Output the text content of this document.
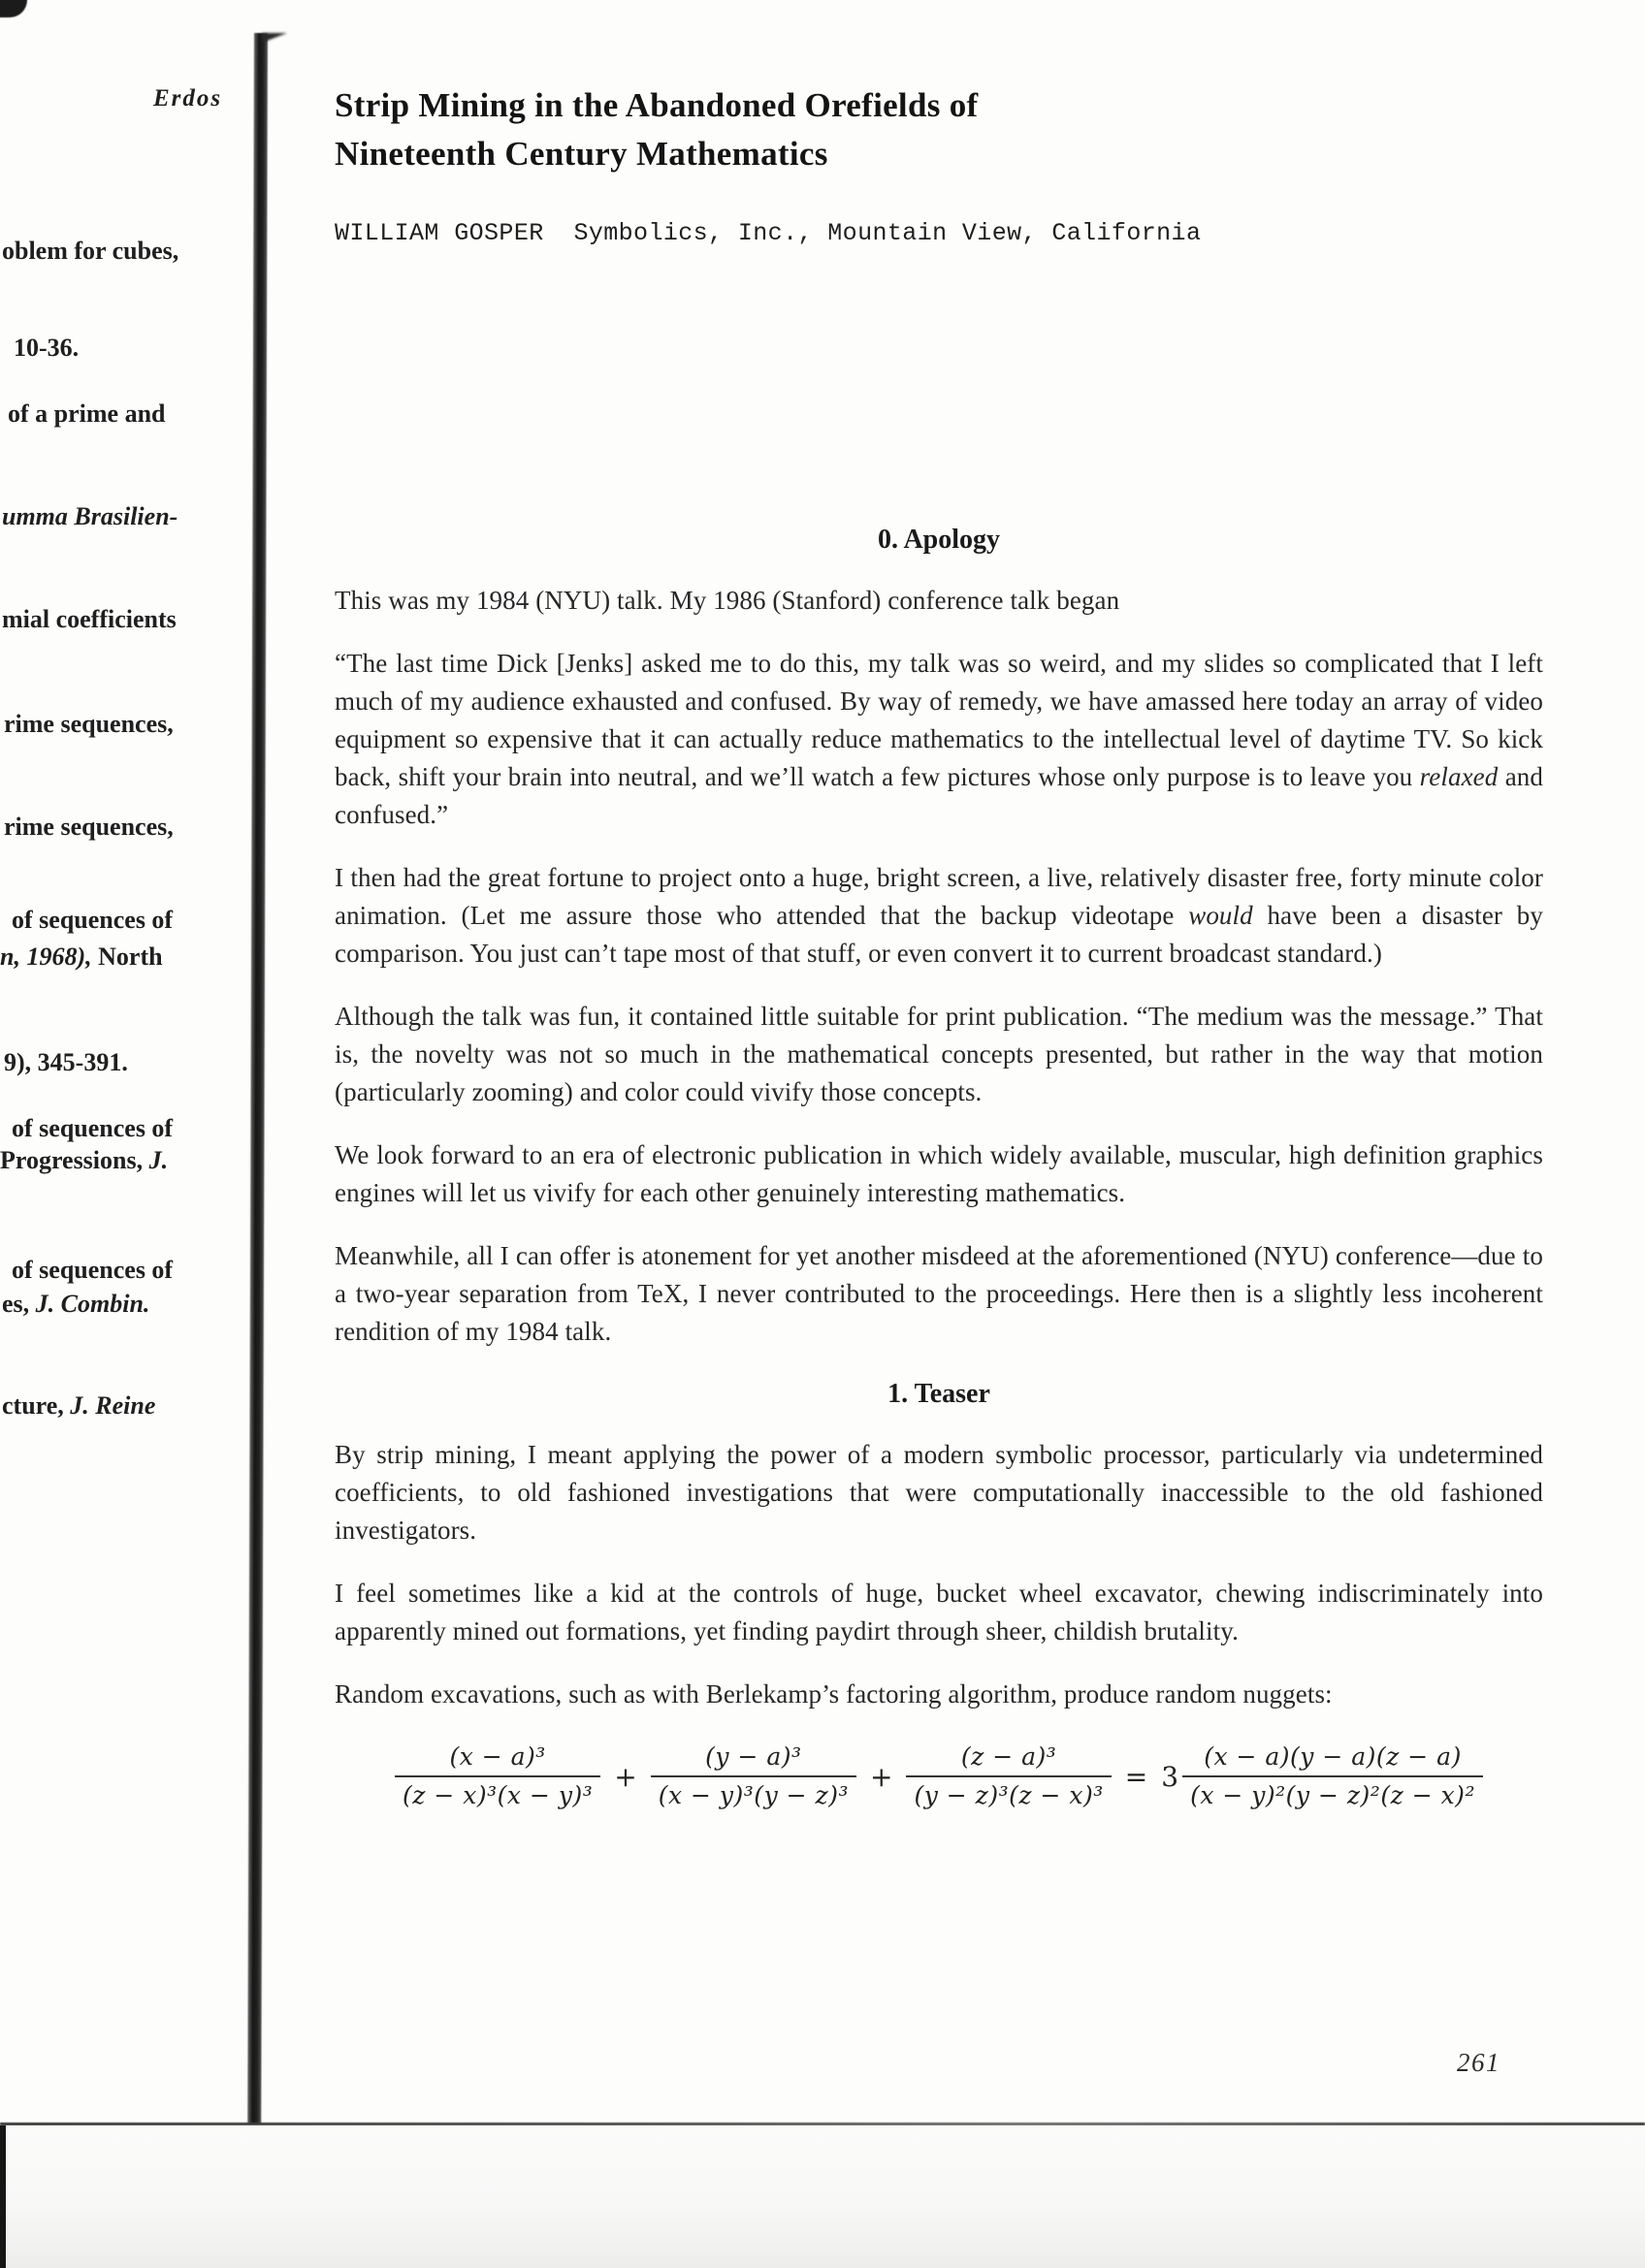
Erdos
oblem for cubes,
10-36.
of a prime and
umma Brasilien-
mial coefficients
rime sequences,
rime sequences,
of sequences of
n, 1968), North
9), 345-391.
of sequences of
Progressions, J.
of sequences of
es, J. Combin.
cture, J. Reine
Strip Mining in the Abandoned Orefields of
Nineteenth Century Mathematics
WILLIAM GOSPER  Symbolics, Inc., Mountain View, California
0. Apology

This was my 1984 (NYU) talk. My 1986 (Stanford) conference talk began

“The last time Dick [Jenks] asked me to do this, my talk was so weird, and my slides so complicated that I left much of my audience exhausted and confused. By way of remedy, we have amassed here today an array of video equipment so expensive that it can actually reduce mathematics to the intellectual level of daytime TV. So kick back, shift your brain into neutral, and we’ll watch a few pictures whose only purpose is to leave you relaxed and confused.”

I then had the great fortune to project onto a huge, bright screen, a live, relatively disaster free, forty minute color animation. (Let me assure those who attended that the backup videotape would have been a disaster by comparison. You just can’t tape most of that stuff, or even convert it to current broadcast standard.)

Although the talk was fun, it contained little suitable for print publication. “The medium was the message.” That is, the novelty was not so much in the mathematical concepts presented, but rather in the way that motion (particularly zooming) and color could vivify those concepts.

We look forward to an era of electronic publication in which widely available, muscular, high definition graphics engines will let us vivify for each other genuinely interesting mathematics.

Meanwhile, all I can offer is atonement for yet another misdeed at the aforementioned (NYU) conference—due to a two-year separation from TeX, I never contributed to the proceedings. Here then is a slightly less incoherent rendition of my 1984 talk.

1. Teaser

By strip mining, I meant applying the power of a modern symbolic processor, particularly via undetermined coefficients, to old fashioned investigations that were computationally inaccessible to the old fashioned investigators.

I feel sometimes like a kid at the controls of huge, bucket wheel excavator, chewing indiscriminately into apparently mined out formations, yet finding paydirt through sheer, childish brutality.

Random excavations, such as with Berlekamp’s factoring algorithm, produce random nuggets:

$\frac{\text{(x − a)³}}{\text{(z − x)³(x − y)³}} + \frac{\text{(y − a)³}}{\text{(x − y)³(y − z)³}} + \frac{\text{(z − a)³}}{\text{(y − z)³(z − x)³}} = 3 \frac{(x - a)(y - a)(z - a)}{\text{(x − y)²(y − z)²(z − x)²}}$
261
